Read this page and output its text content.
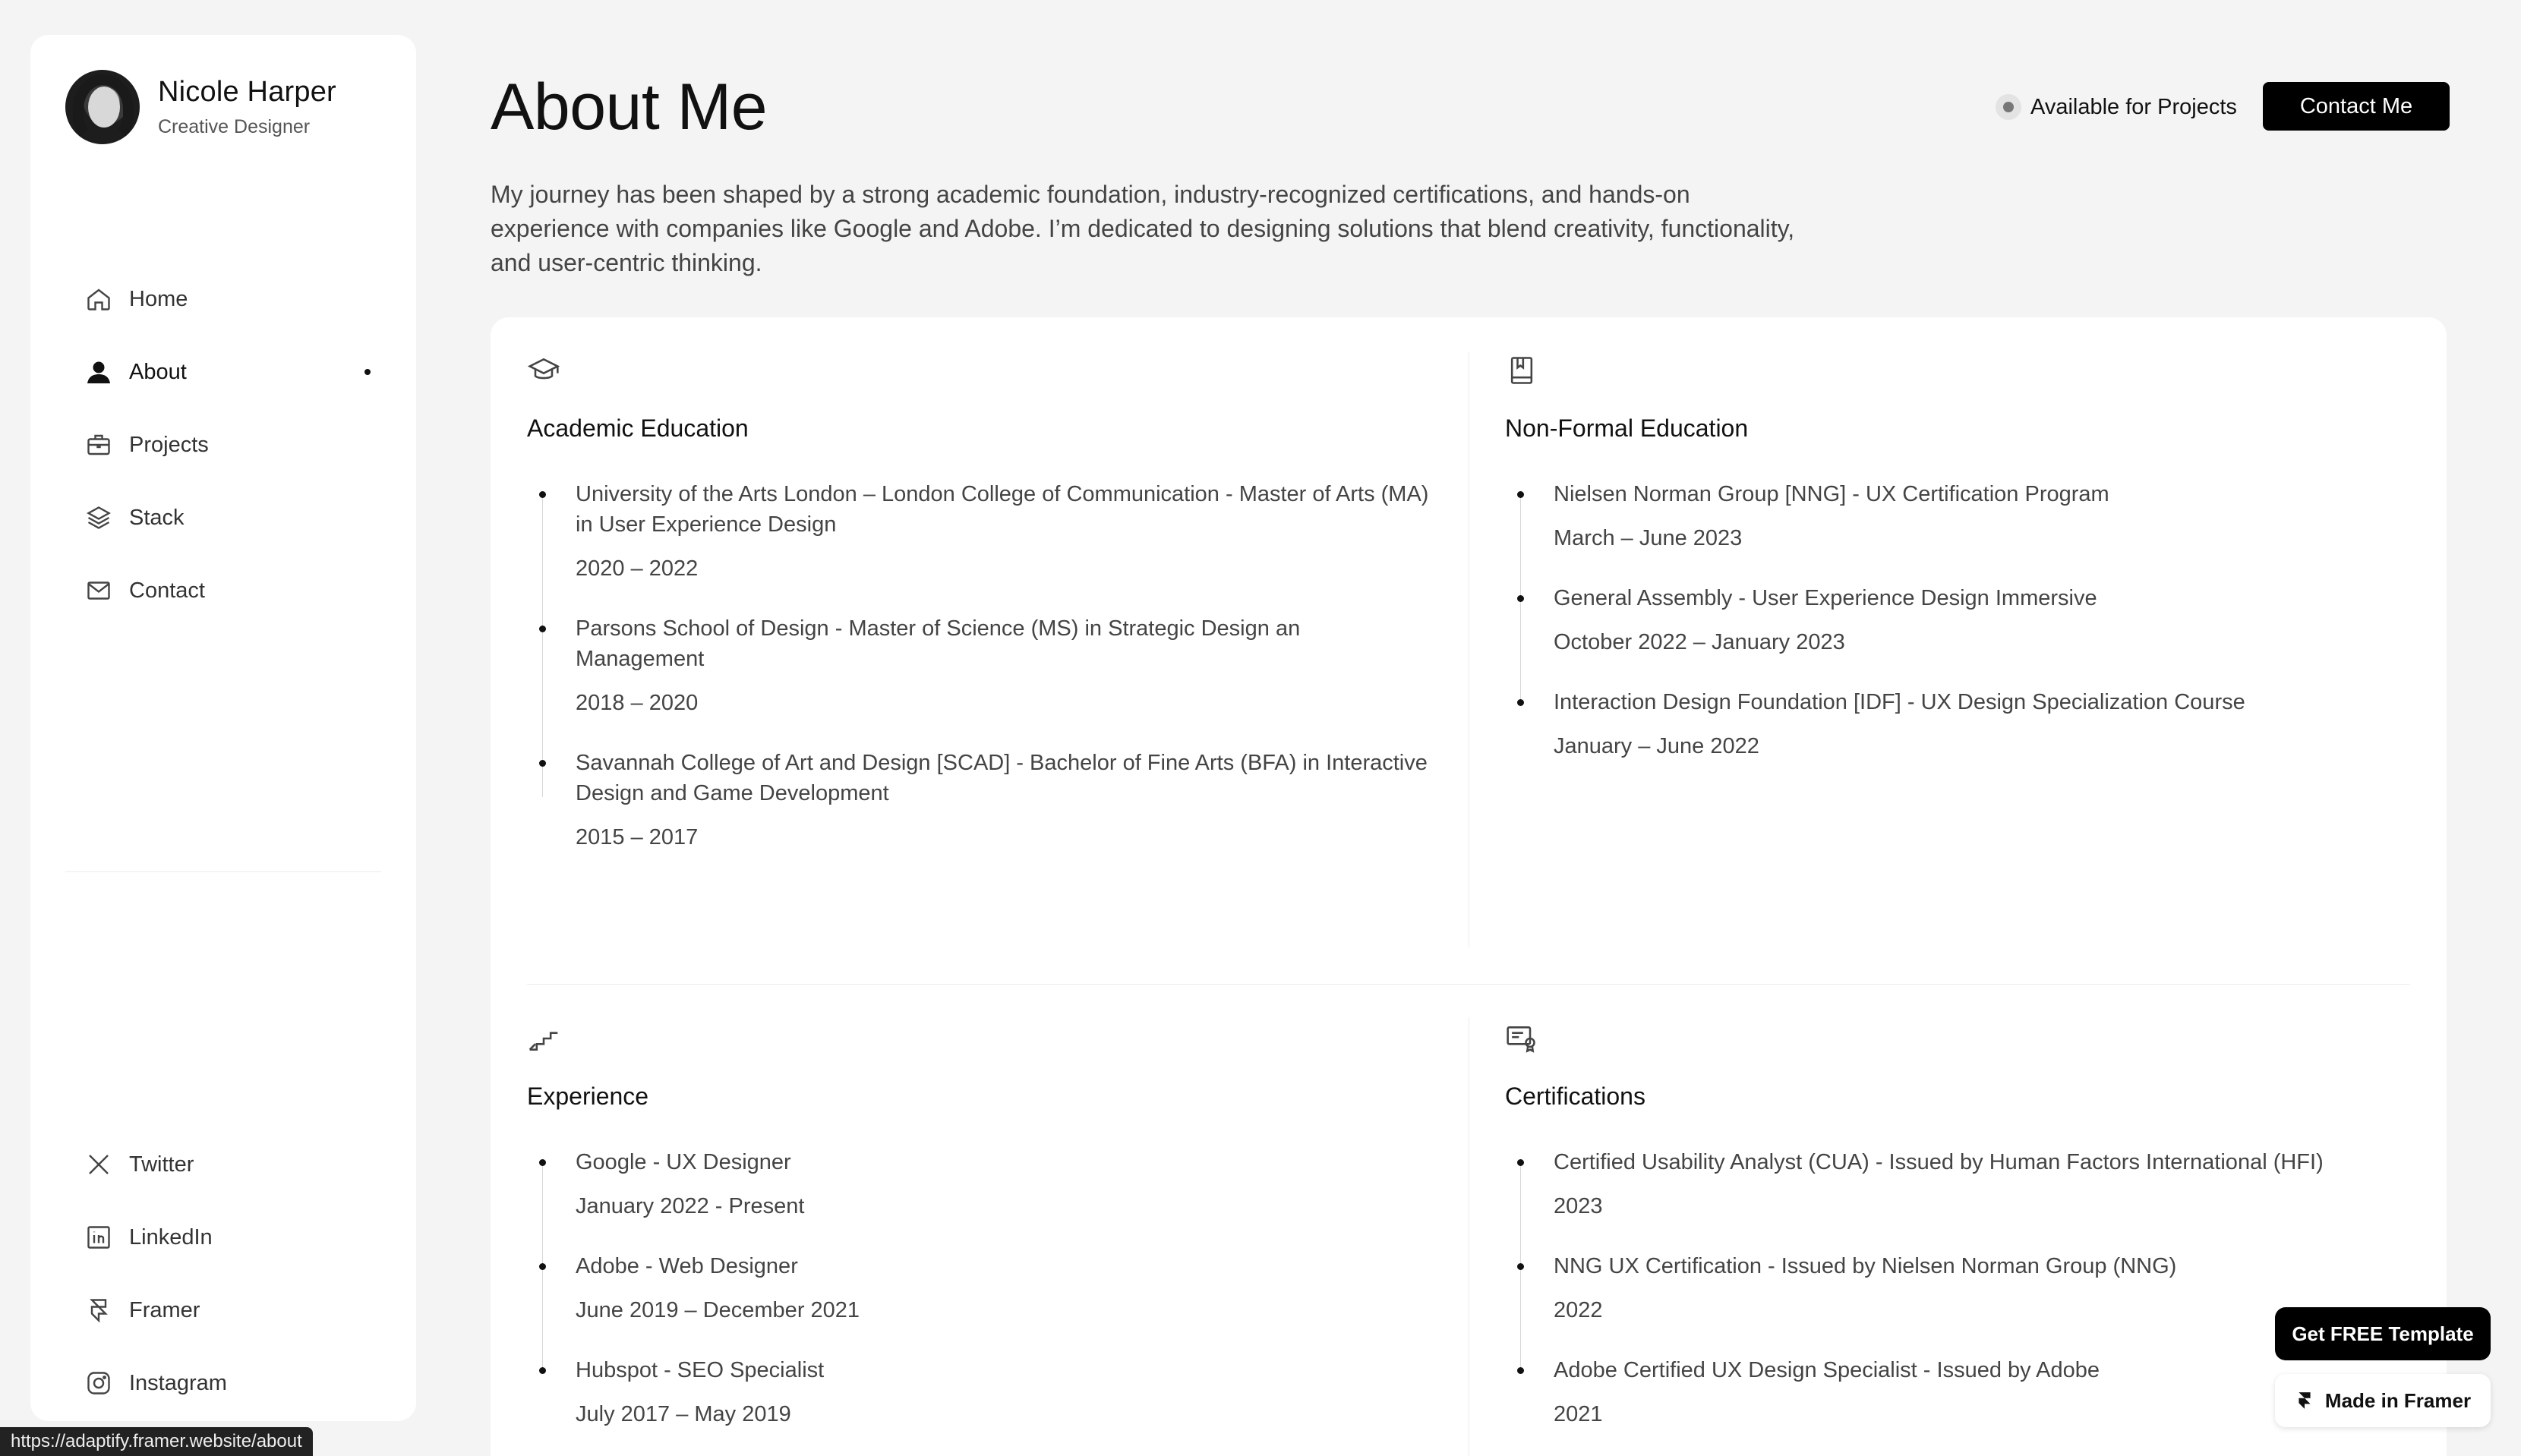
Nicole Harper
Creative Designer
Home
About
Projects
Stack
Contact
Twitter
LinkedIn
Framer
Instagram
About Me	Available for Projects	Contact Me

My journey has been shaped by a strong academic foundation, industry-recognized certifications, and hands-on experience with companies like Google and Adobe. I’m dedicated to designing solutions that blend creativity, functionality, and user-centric thinking.

Academic Education
University of the Arts London – London College of Communication - Master of Arts (MA) in User Experience Design
2020 – 2022
Parsons School of Design - Master of Science (MS) in Strategic Design an Management
2018 – 2020
Savannah College of Art and Design [SCAD] - Bachelor of Fine Arts (BFA) in Interactive Design and Game Development
2015 – 2017
Non-Formal Education
Nielsen Norman Group [NNG] - UX Certification Program
March – June 2023
General Assembly - User Experience Design Immersive
October 2022 – January 2023
Interaction Design Foundation [IDF] - UX Design Specialization Course
January – June 2022
Experience
Google - UX Designer
January 2022 - Present
Adobe - Web Designer
June 2019 – December 2021
Hubspot - SEO Specialist
July 2017 – May 2019
Certifications
Certified Usability Analyst (CUA) - Issued by Human Factors International (HFI)
2023
NNG UX Certification - Issued by Nielsen Norman Group (NNG)
2022
Adobe Certified UX Design Specialist - Issued by Adobe
2021
Get FREE Template
Made in Framer
https://adaptify.framer.website/about
